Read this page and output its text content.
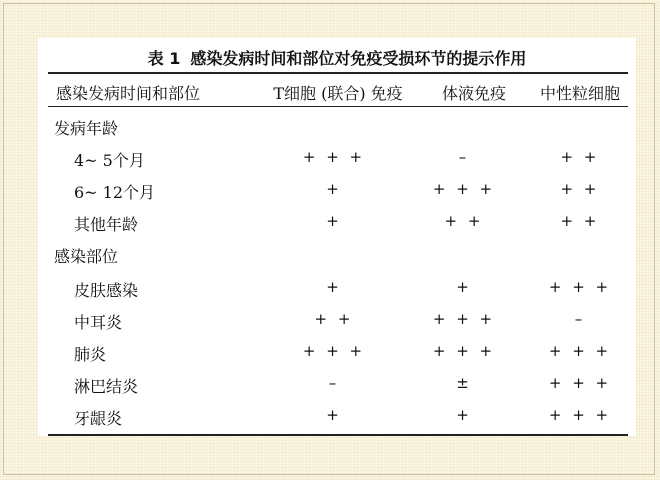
表 1 感染发病时间和部位对免疫受损环节的提示作用
感染发病时间和部位	T细胞 (联合) 免疫	体液免疫	中性粒细胞
发病年龄
4~ 5个月	+ + +	–	+ +
6~ 12个月	+	+ + +	+ +
其他年龄	+	+ +	+ +
感染部位
皮肤感染	+	+	+ + +
中耳炎	+ +	+ + +	–
肺炎	+ + +	+ + +	+ + +
淋巴结炎	–	±	+ + +
牙龈炎	+	+	+ + +
